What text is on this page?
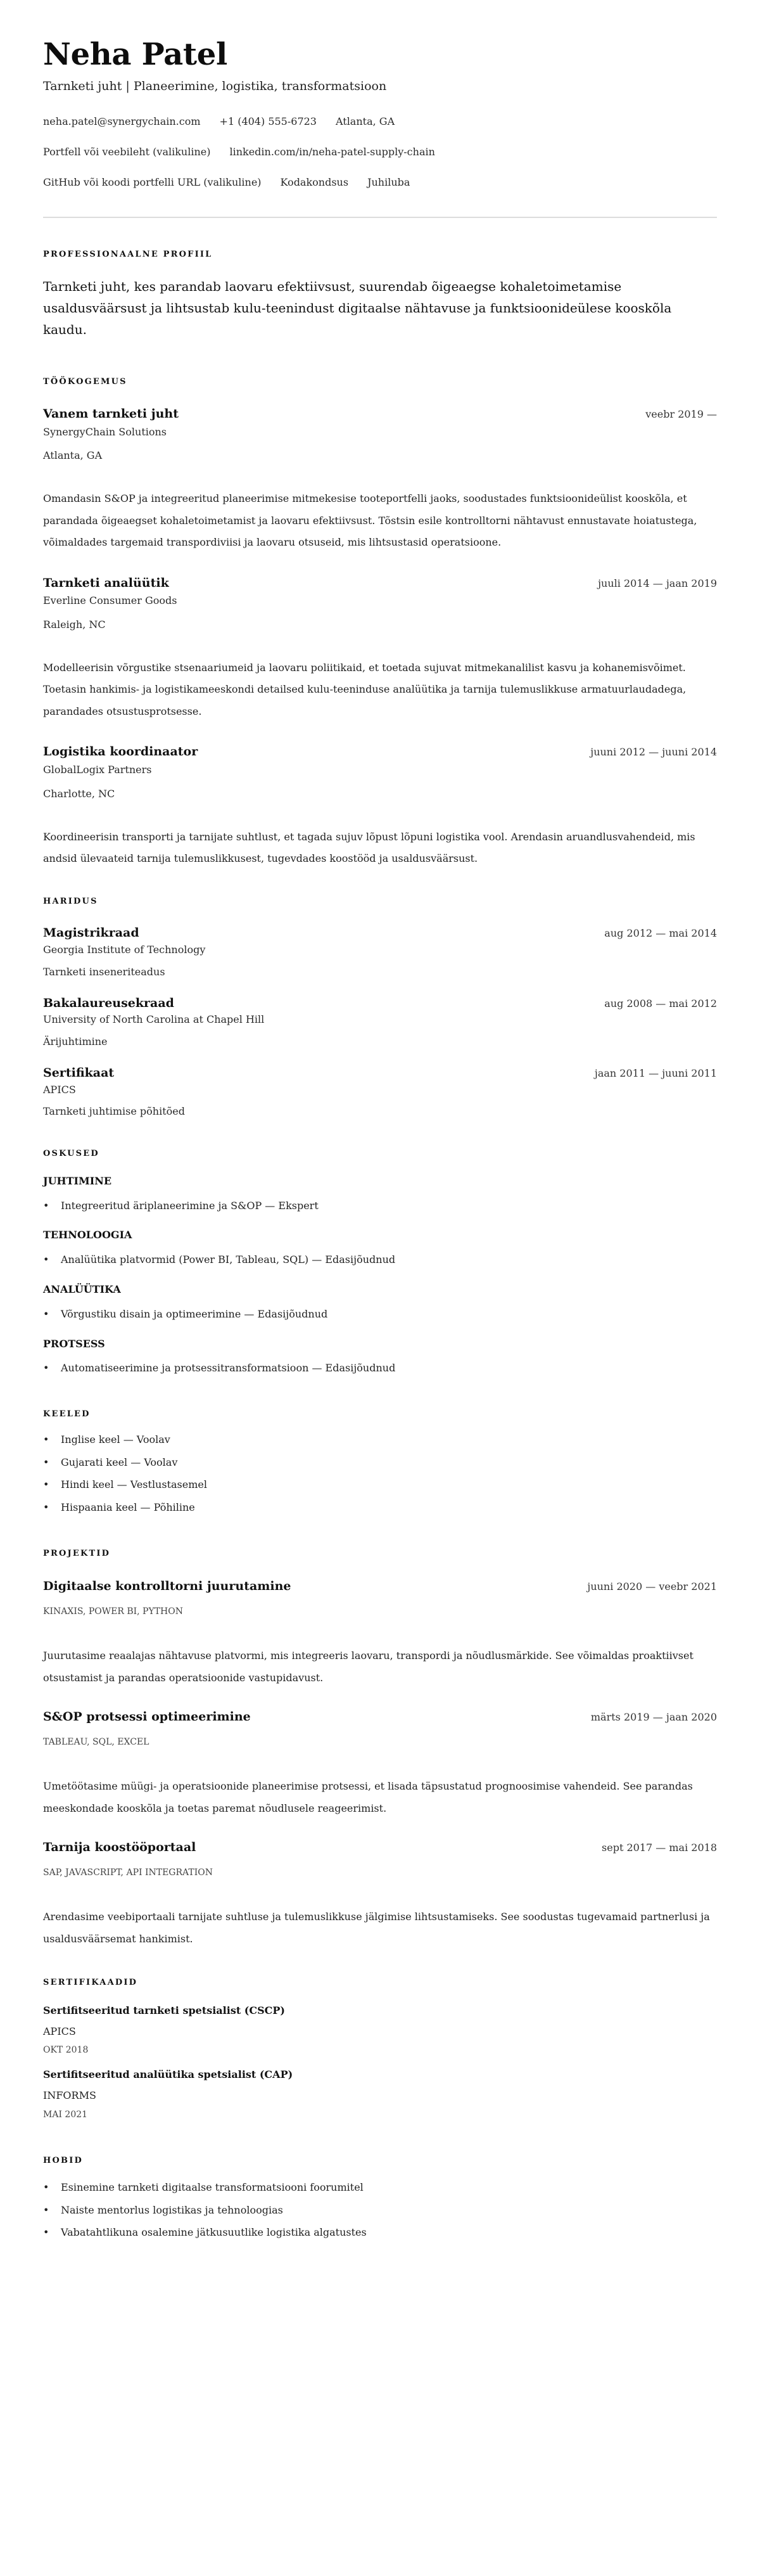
Neha Patel
Tarnketi juht | Planeerimine, logistika, transformatsioon
neha.patel@synergychain.com +1 (404) 555-6723 Atlanta, GA
Portfell või veebileht (valikuline) linkedin.com/in/neha-patel-supply-chain
GitHub või koodi portfelli URL (valikuline) Kodakondsus Juhiluba
PROFESSIONAALNE PROFIIL

Tarnketi juht, kes parandab laovaru efektiivsust, suurendab õigeaegse kohaletoimetamise usaldusväärsust ja lihtsustab kulu-teenindust digitaalse nähtavuse ja funktsioonideülese kooskõla kaudu.

TÖÖKOGEMUS
Vanem tarnketi juht	veebr 2019 —
SynergyChain Solutions
Atlanta, GA

Omandasin S&OP ja integreeritud planeerimise mitmekesise tooteportfelli jaoks, soodustades funktsioonideülist kooskõla, et parandada õigeaegset kohaletoimetamist ja laovaru efektiivsust. Tõstsin esile kontrolltorni nähtavust ennustavate hoiatustega, võimaldades targemaid transpordiviisi ja laovaru otsuseid, mis lihtsustasid operatsioone.

Tarnketi analüütik	juuli 2014 — jaan 2019
Everline Consumer Goods
Raleigh, NC

Modelleerisin võrgustike stsenaariumeid ja laovaru poliitikaid, et toetada sujuvat mitmekanalilist kasvu ja kohanemisvõimet. Toetasin hankimis- ja logistikameeskondi detailsed kulu-teeninduse analüütika ja tarnija tulemuslikkuse armatuurlaudadega, parandades otsustusprotsesse.

Logistika koordinaator	juuni 2012 — juuni 2014
GlobalLogix Partners
Charlotte, NC

Koordineerisin transporti ja tarnijate suhtlust, et tagada sujuv lõpust lõpuni logistika vool. Arendasin aruandlusvahendeid, mis andsid ülevaateid tarnija tulemuslikkusest, tugevdades koostööd ja usaldusväärsust.

HARIDUS
Magistrikraad	aug 2012 — mai 2014
Georgia Institute of Technology
Tarnketi inseneriteadus
Bakalaureusekraad	aug 2008 — mai 2012
University of North Carolina at Chapel Hill
Ärijuhtimine
Sertifikaat	jaan 2011 — juuni 2011
APICS
Tarnketi juhtimise põhitõed
OSKUSED
JUHTIMINE
• Integreeritud äriplaneerimine ja S&OP — Ekspert
TEHNOLOOGIA
• Analüütika platvormid (Power BI, Tableau, SQL) — Edasijõudnud
ANALÜÜTIKA
• Võrgustiku disain ja optimeerimine — Edasijõudnud
PROTSESS
• Automatiseerimine ja protsessitransformatsioon — Edasijõudnud
KEELED
• Inglise keel — Voolav
• Gujarati keel — Voolav
• Hindi keel — Vestlustasemel
• Hispaania keel — Põhiline
PROJEKTID
Digitaalse kontrolltorni juurutamine	juuni 2020 — veebr 2021
KINAXIS, POWER BI, PYTHON

Juurutasime reaalajas nähtavuse platvormi, mis integreeris laovaru, transpordi ja nõudlusmärkide. See võimaldas proaktiivset otsustamist ja parandas operatsioonide vastupidavust.

S&OP protsessi optimeerimine	märts 2019 — jaan 2020
TABLEAU, SQL, EXCEL

Umetöötasime müügi- ja operatsioonide planeerimise protsessi, et lisada täpsustatud prognoosimise vahendeid. See parandas meeskondade kooskõla ja toetas paremat nõudlusele reageerimist.

Tarnija koostööportaal	sept 2017 — mai 2018
SAP, JAVASCRIPT, API INTEGRATION

Arendasime veebiportaali tarnijate suhtluse ja tulemuslikkuse jälgimise lihtsustamiseks. See soodustas tugevamaid partnerlusi ja usaldusväärsemat hankimist.

SERTIFIKAADID
Sertifitseeritud tarnketi spetsialist (CSCP)
APICS
OKT 2018
Sertifitseeritud analüütika spetsialist (CAP)
INFORMS
MAI 2021
HOBID
• Esinemine tarnketi digitaalse transformatsiooni foorumitel
• Naiste mentorlus logistikas ja tehnoloogias
• Vabatahtlikuna osalemine jätkusuutlike logistika algatustes
